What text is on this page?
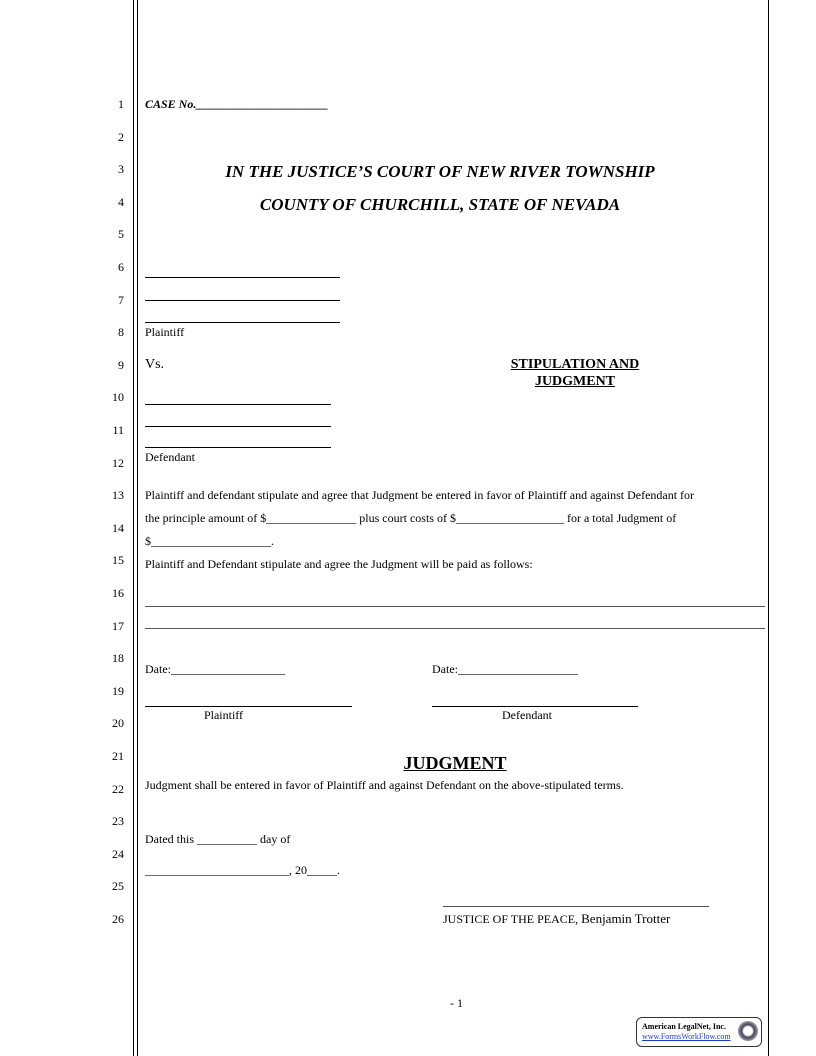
1
2
3
4
5
6
7
8
9
10
11
12
13
14
15
16
17
18
19
20
21
22
23
24
25
26
CASE No.______________________
IN THE JUSTICE’S COURT OF NEW RIVER TOWNSHIP
COUNTY OF CHURCHILL, STATE OF NEVADA
Plaintiff
Vs.	STIPULATION AND
JUDGMENT
Defendant
Plaintiff and defendant stipulate and agree that Judgment be entered in favor of Plaintiff and against Defendant for
the principle amount of $_______________ plus court costs of $__________________ for a total Judgment of
$____________________.
Plaintiff and Defendant stipulate and agree the Judgment will be paid as follows:
Date:___________________	Date:____________________
Plaintiff	Defendant
JUDGMENT
Judgment shall be entered in favor of Plaintiff and against Defendant on the above-stipulated terms.
Dated this __________ day of
________________________, 20_____.
JUSTICE OF THE PEACE, Benjamin Trotter
- 1
American LegalNet, Inc.
www.FormsWorkFlow.com
